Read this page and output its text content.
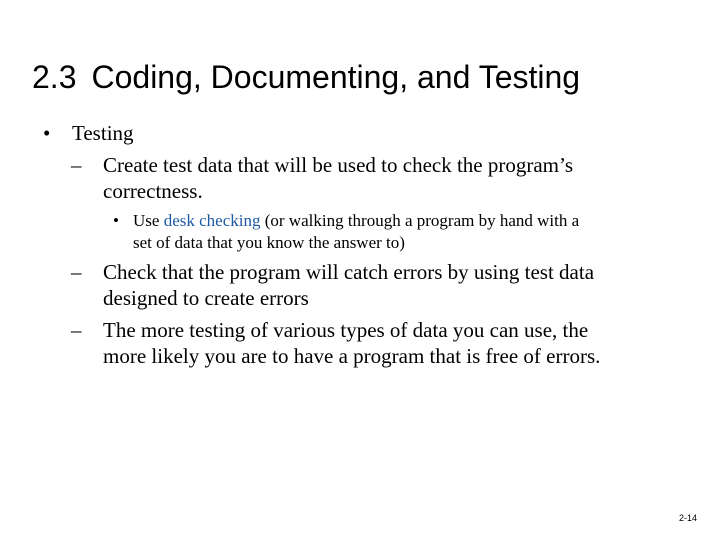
2.3 Coding, Documenting, and Testing
•	Testing
– Create test data that will be used to check the program’s
correctness.
• Use desk checking (or walking through a program by hand with a
set of data that you know the answer to)
– Check that the program will catch errors by using test data
designed to create errors
– The more testing of various types of data you can use, the
more likely you are to have a program that is free of errors.
2-14
